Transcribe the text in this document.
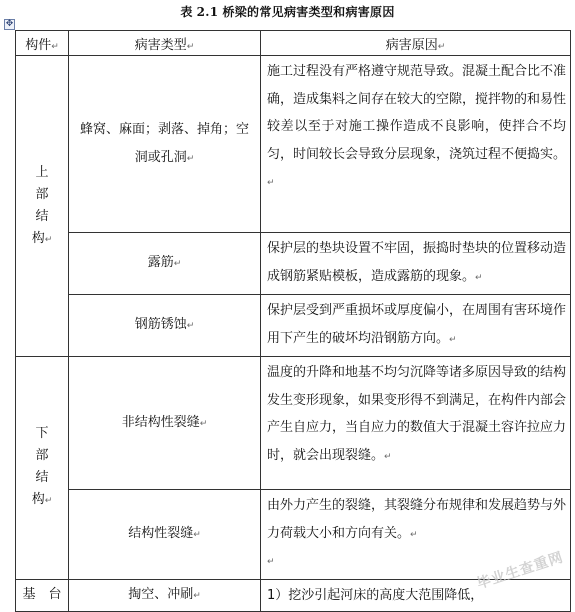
表 2.1 桥梁的常见病害类型和病害原因
✥
构件↵	病害类型↵	病害原因↵

上
部
结
构↵	蜂窝、麻面；剥落、掉角；空洞或孔洞↵	施工过程没有严格遵守规范导致。混凝土配合比不准确，造成集料之间存在较大的空隙，搅拌物的和易性较差以至于对施工操作造成不良影响，使拌合不均匀，时间较长会导致分层现象，浇筑过程不便捣实。↵
	露筋↵	保护层的垫块设置不牢固，振捣时垫块的位置移动造成钢筋紧贴模板，造成露筋的现象。↵
	钢筋锈蚀↵	保护层受到严重损坏或厚度偏小，在周围有害环境作用下产生的破坏均沿钢筋方向。↵

下
部
结
构↵	非结构性裂缝↵	温度的升降和地基不均匀沉降等诸多原因导致的结构发生变形现象，如果变形得不到满足，在构件内部会产生自应力，当自应力的数值大于混凝土容许拉应力时，就会出现裂缝。↵
	结构性裂缝↵	由外力产生的裂缝，其裂缝分布规律和发展趋势与外力荷载大小和方向有关。↵
↵

基　台	掏空、冲刷↵	1）挖沙引起河床的高度大范围降低，
毕业生查重网
